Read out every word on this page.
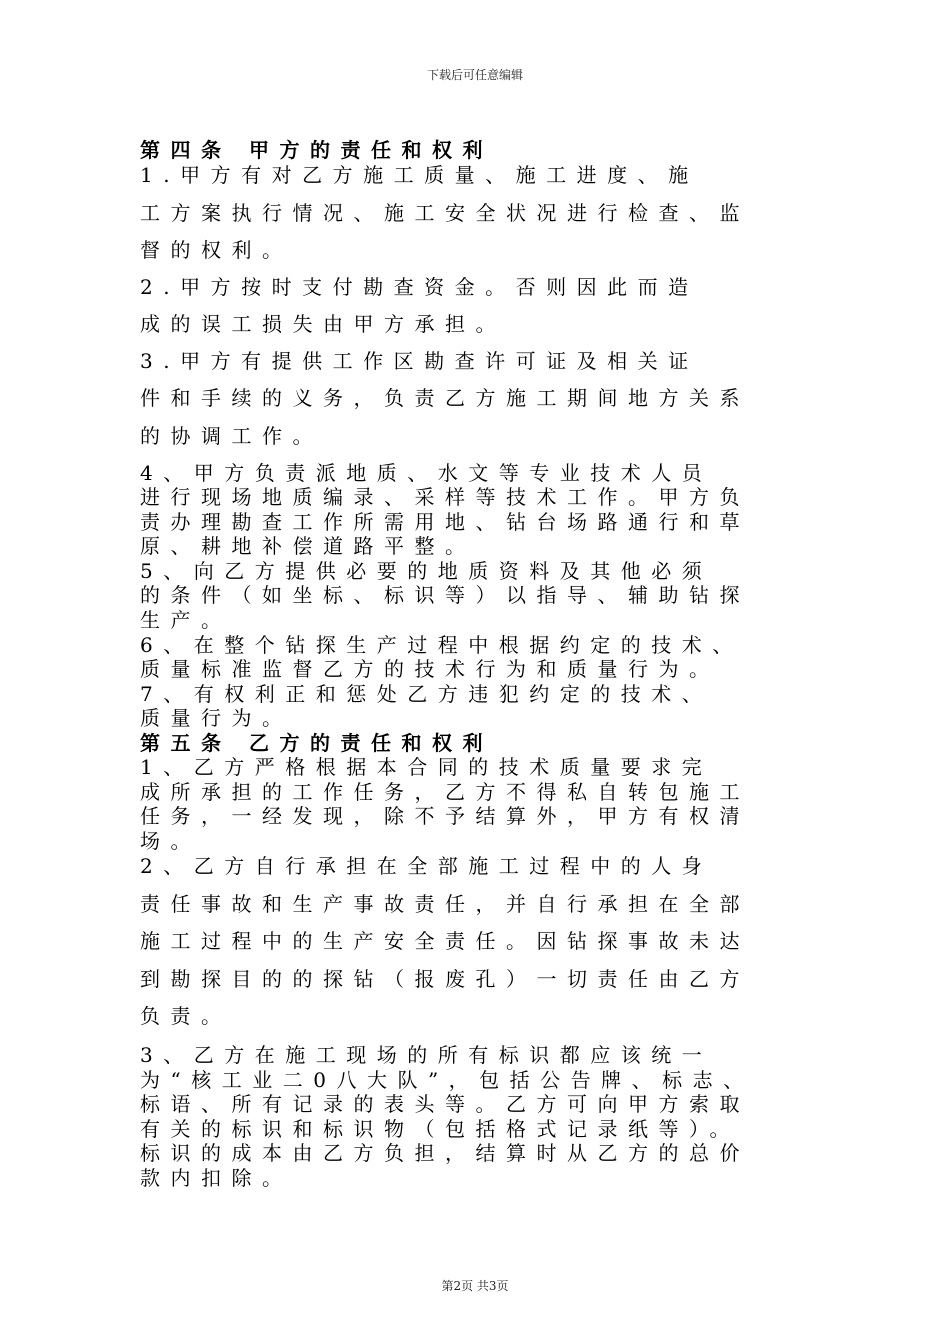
下载后可任意编辑
第四条 甲方的责任和权利
1.甲方有对乙方施工质量、施工进度、施
工方案执行情况、施工安全状况进行检查、监
督的权利。
2.甲方按时支付勘查资金。否则因此而造
成的误工损失由甲方承担。
3.甲方有提供工作区勘查许可证及相关证
件和手续的义务，负责乙方施工期间地方关系
的协调工作。
4、甲方负责派地质、水文等专业技术人员
进行现场地质编录、采样等技术工作。甲方负
责办理勘查工作所需用地、钻台场路通行和草
原、耕地补偿道路平整。
5、向乙方提供必要的地质资料及其他必须
的条件（如坐标、标识等）以指导、辅助钻探
生产。
6、在整个钻探生产过程中根据约定的技术、
质量标准监督乙方的技术行为和质量行为。
7、有权利正和惩处乙方违犯约定的技术、
质量行为。
第五条 乙方的责任和权利
1、乙方严格根据本合同的技术质量要求完
成所承担的工作任务，乙方不得私自转包施工
任务，一经发现，除不予结算外，甲方有权清
场。
2、乙方自行承担在全部施工过程中的人身
责任事故和生产事故责任，并自行承担在全部
施工过程中的生产安全责任。因钻探事故未达
到勘探目的的探钻（报废孔）一切责任由乙方
负责。
3、乙方在施工现场的所有标识都应该统一
为“核工业二0八大队”，包括公告牌、标志、
标语、所有记录的表头等。乙方可向甲方索取
有关的标识和标识物（包括格式记录纸等）。
标识的成本由乙方负担，结算时从乙方的总价
款内扣除。
第2页 共3页
